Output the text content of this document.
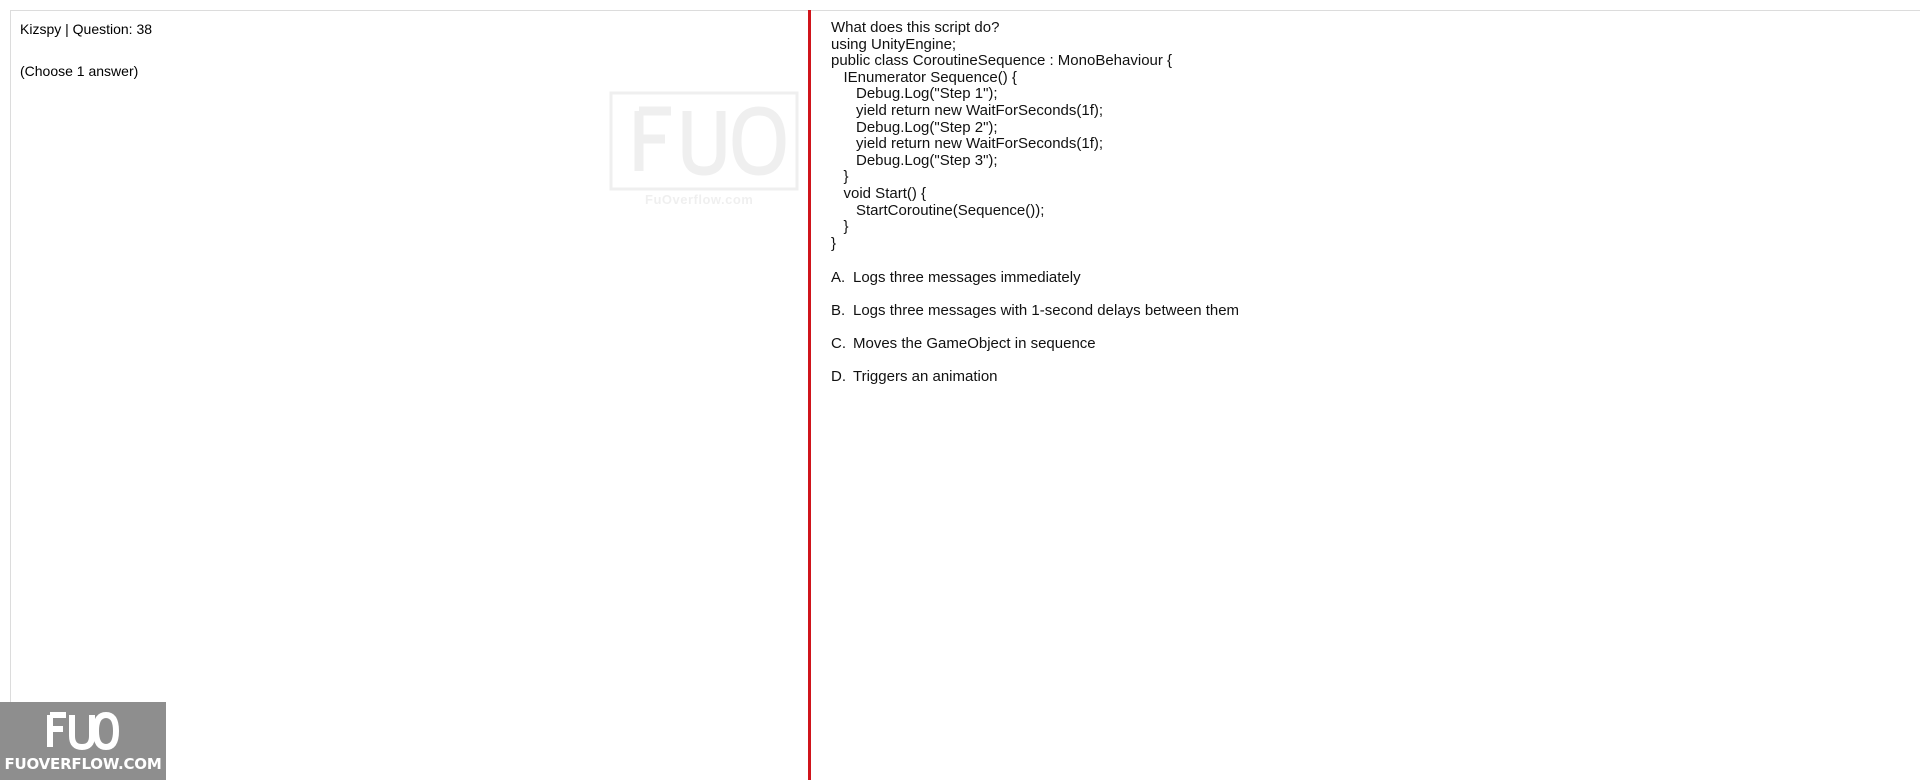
Kizspy | Question: 38
(Choose 1 answer)
FuOverflow.com

What does this script do?

using UnityEngine;

public class CoroutineSequence : MonoBehaviour {

IEnumerator Sequence() {

Debug.Log("Step 1");

yield return new WaitForSeconds(1f);

Debug.Log("Step 2");

yield return new WaitForSeconds(1f);

Debug.Log("Step 3");

}

void Start() {

StartCoroutine(Sequence());

}

}

A. Logs three messages immediately
B. Logs three messages with 1-second delays between them
C. Moves the GameObject in sequence
D. Triggers an animation
FUOVERFLOW.COM
